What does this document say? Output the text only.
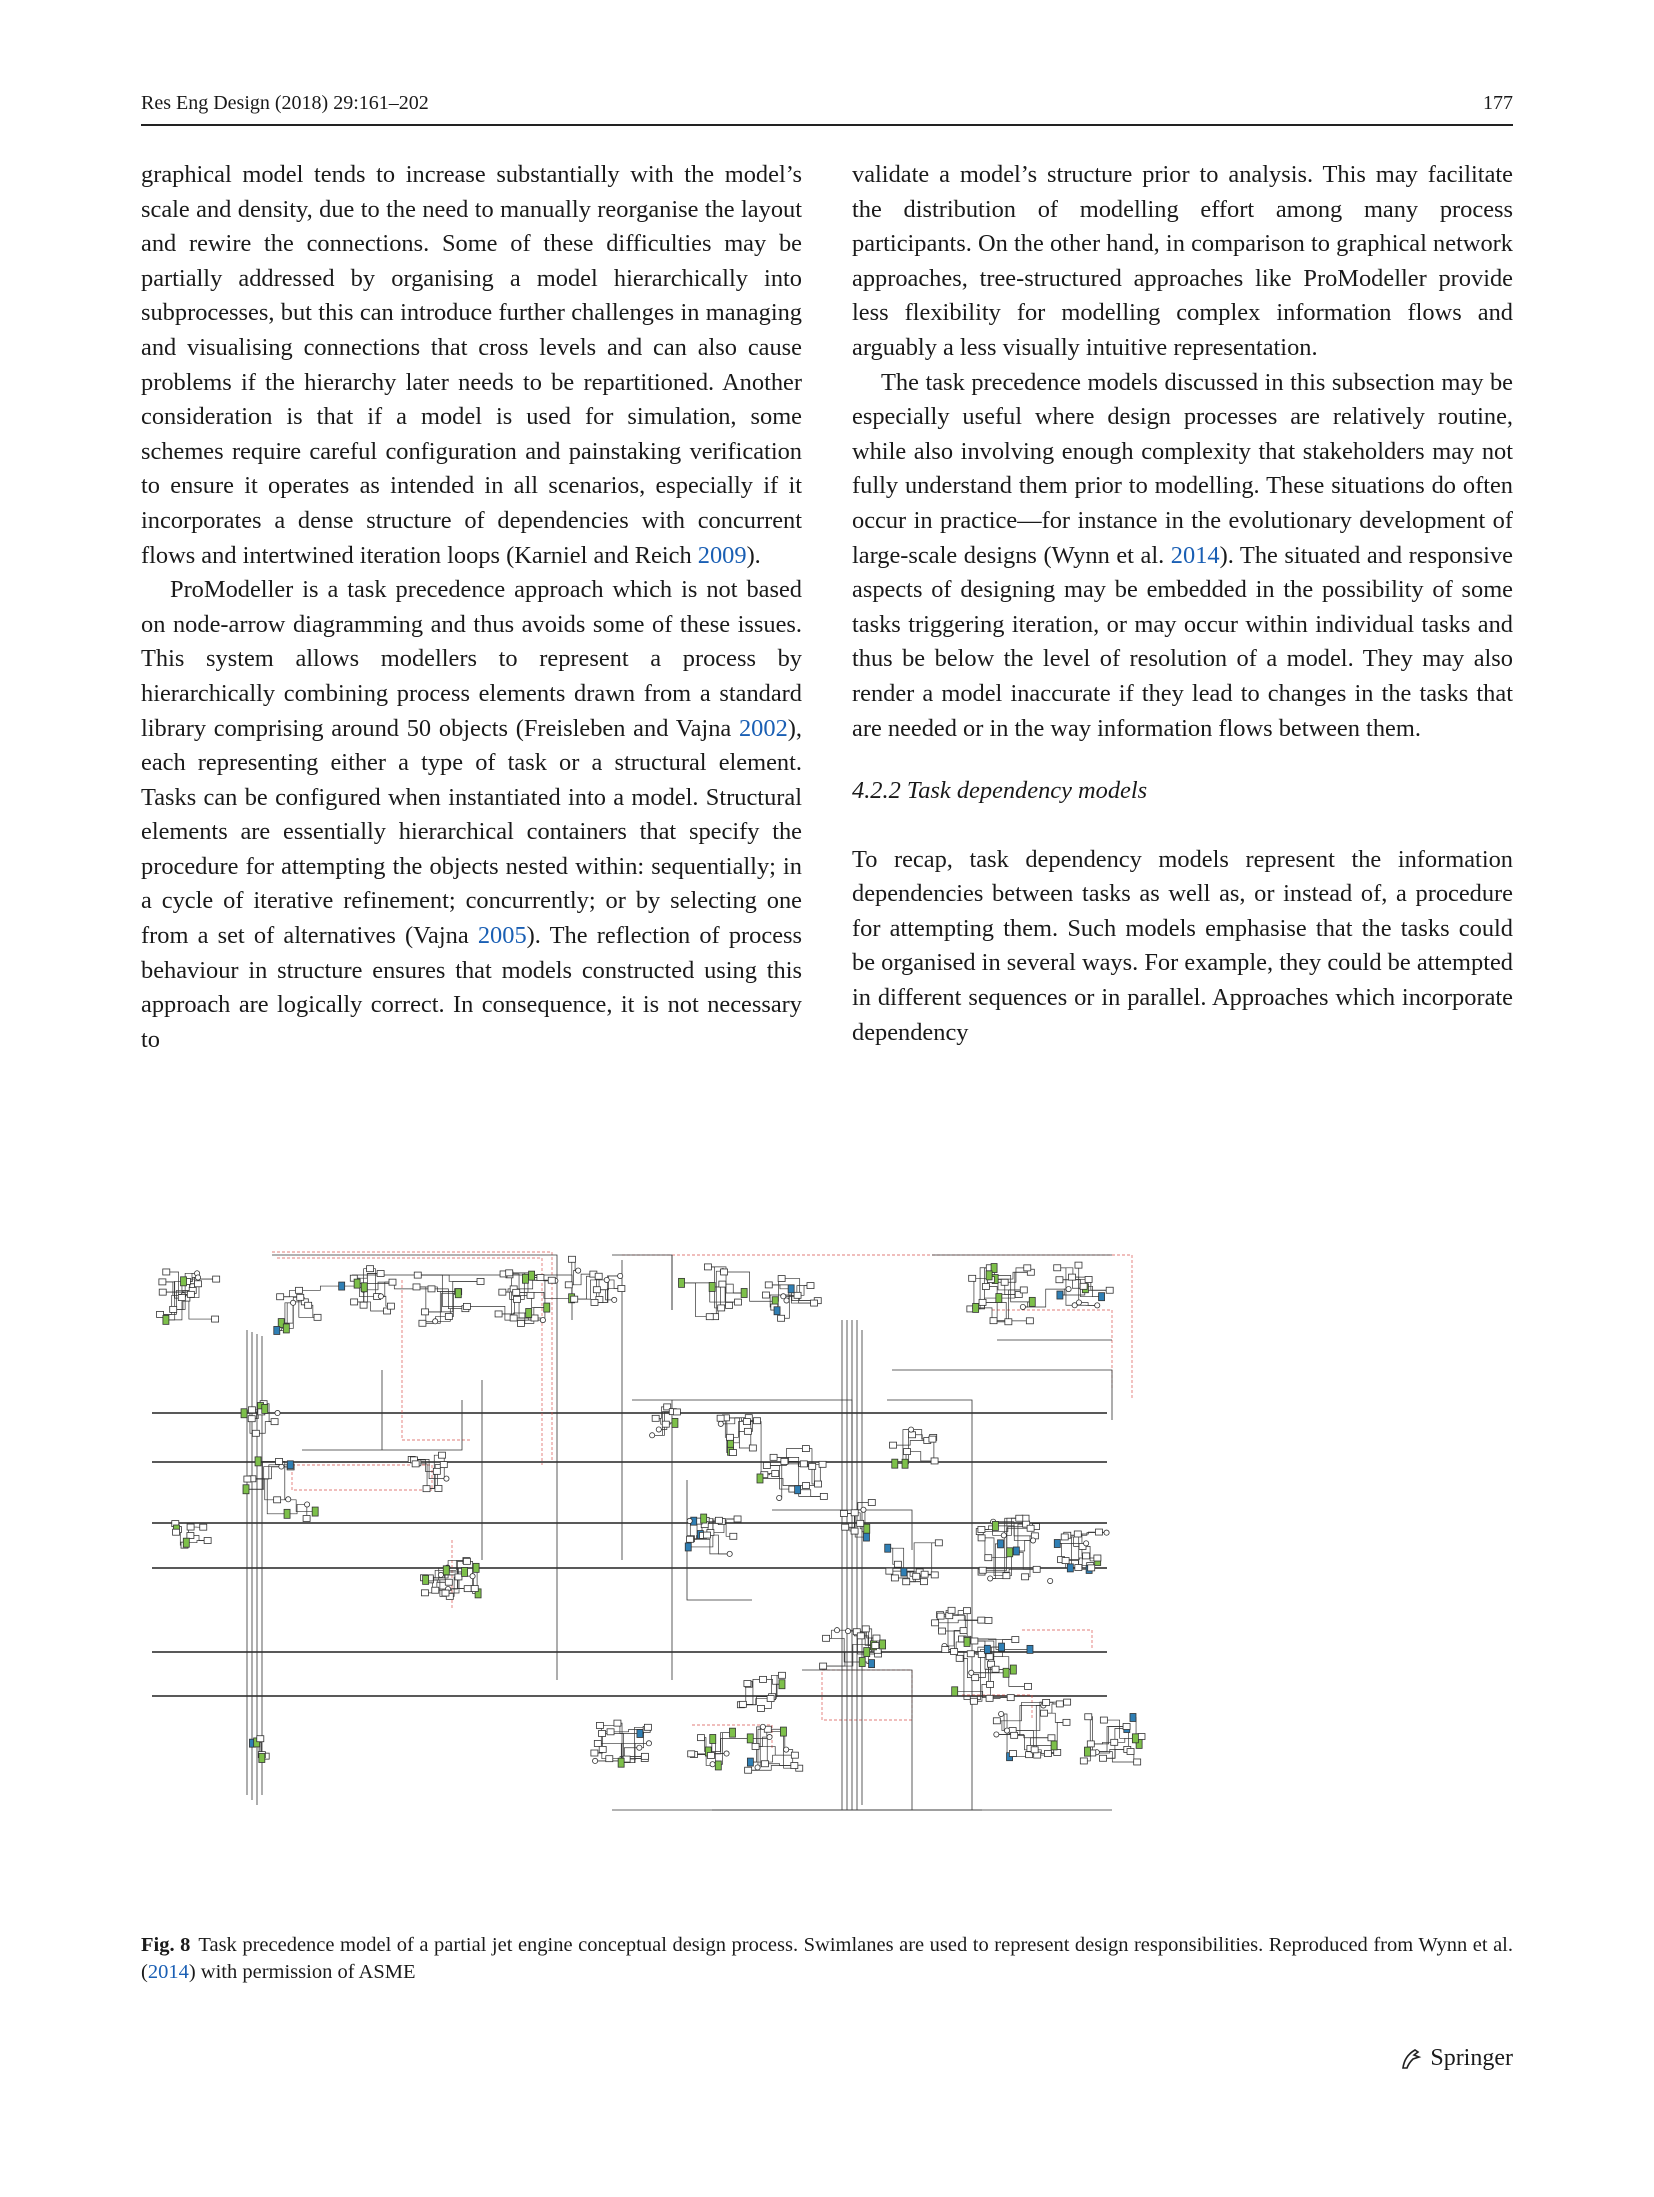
Res Eng Design (2018) 29:161–202	177

graphical model tends to increase substantially with the model’s scale and density, due to the need to manually reorganise the layout and rewire the connections. Some of these difficulties may be partially addressed by organising a model hierarchically into subprocesses, but this can introduce further challenges in managing and visualising connections that cross levels and can also cause problems if the hierarchy later needs to be repartitioned. Another consideration is that if a model is used for simulation, some schemes require careful configuration and painstaking verification to ensure it operates as intended in all scenarios, especially if it incorporates a dense structure of dependencies with concurrent flows and intertwined iteration loops (Karniel and Reich 2009).

ProModeller is a task precedence approach which is not based on node-arrow diagramming and thus avoids some of these issues. This system allows modellers to represent a process by hierarchically combining process elements drawn from a standard library comprising around 50 objects (Freisleben and Vajna 2002), each representing either a type of task or a structural element. Tasks can be configured when instantiated into a model. Structural elements are essentially hierarchical containers that specify the procedure for attempting the objects nested within: sequentially; in a cycle of iterative refinement; concurrently; or by selecting one from a set of alternatives (Vajna 2005). The reflection of process behaviour in structure ensures that models constructed using this approach are logically correct. In consequence, it is not necessary to

validate a model’s structure prior to analysis. This may facilitate the distribution of modelling effort among many process participants. On the other hand, in comparison to graphical network approaches, tree-structured approaches like ProModeller provide less flexibility for modelling complex information flows and arguably a less visually intuitive representation.

The task precedence models discussed in this subsection may be especially useful where design processes are relatively routine, while also involving enough complexity that stakeholders may not fully understand them prior to modelling. These situations do often occur in practice—for instance in the evolutionary development of large-scale designs (Wynn et al. 2014). The situated and responsive aspects of designing may be embedded in the possibility of some tasks triggering iteration, or may occur within individual tasks and thus be below the level of resolution of a model. They may also render a model inaccurate if they lead to changes in the tasks that are needed or in the way information flows between them.

4.2.2 Task dependency models

To recap, task dependency models represent the information dependencies between tasks as well as, or instead of, a procedure for attempting them. Such models emphasise that the tasks could be organised in several ways. For example, they could be attempted in different sequences or in parallel. Approaches which incorporate dependency

Fig. 8 Task precedence model of a partial jet engine conceptual design process. Swimlanes are used to represent design responsibilities. Reproduced from Wynn et al. (2014) with permission of ASME
Springer
